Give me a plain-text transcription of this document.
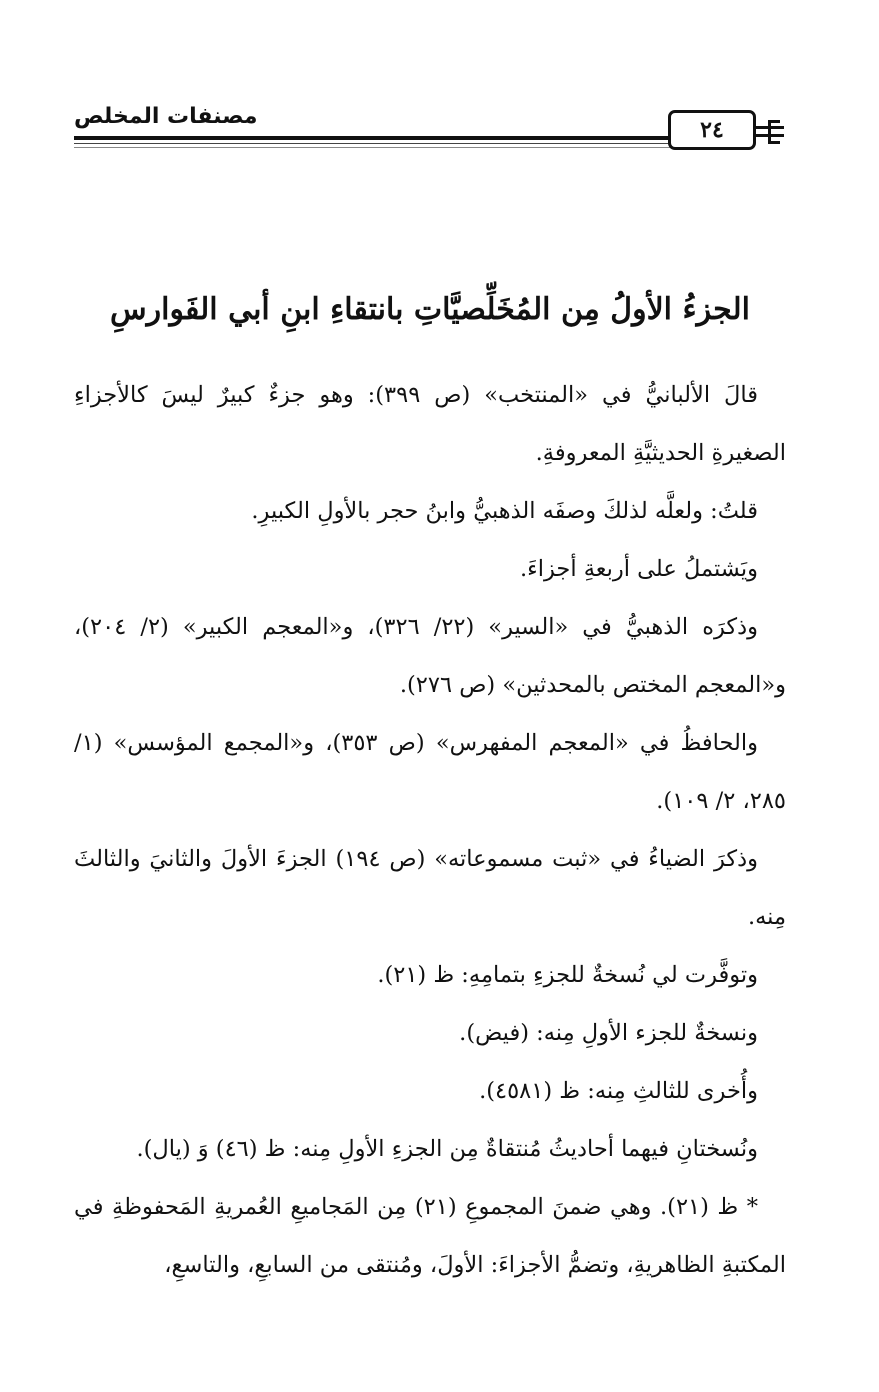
مصنفات المخلص
٢٤
الجزءُ الأولُ مِن المُخَلِّصيَّاتِ بانتقاءِ ابنِ أبي الفَوارسِ

قالَ الألبانيُّ في «المنتخب» (ص ٣٩٩): وهو جزءٌ كبيرٌ ليسَ كالأجزاءِ الصغيرةِ الحديثيَّةِ المعروفةِ.

قلتُ: ولعلَّه لذلكَ وصفَه الذهبيُّ وابنُ حجر بالأولِ الكبيرِ.

ويَشتملُ على أربعةِ أجزاءَ.

وذكرَه الذهبيُّ في «السير» (٢٢/ ٣٢٦)، و«المعجم الكبير» (٢/ ٢٠٤)، و«المعجم المختص بالمحدثين» (ص ٢٧٦).

والحافظُ في «المعجم المفهرس» (ص ٣٥٣)، و«المجمع المؤسس» (١/ ٢٨٥، ٢/ ١٠٩).

وذكرَ الضياءُ في «ثبت مسموعاته» (ص ١٩٤) الجزءَ الأولَ والثانيَ والثالثَ مِنه.

وتوفَّرت لي نُسخةٌ للجزءِ بتمامِهِ: ظ (٢١).

ونسخةٌ للجزء الأولِ مِنه: (فيض).

وأُخرى للثالثِ مِنه: ظ (٤٥٨١).

ونُسختانِ فيهما أحاديثُ مُنتقاةٌ مِن الجزءِ الأولِ مِنه: ظ (٤٦) وَ (يال).

* ظ (٢١). وهي ضمنَ المجموعِ (٢١) مِن المَجاميعِ العُمريةِ المَحفوظةِ في المكتبةِ الظاهريةِ، وتضمُّ الأجزاءَ: الأولَ، ومُنتقى من السابعِ، والتاسعِ،
